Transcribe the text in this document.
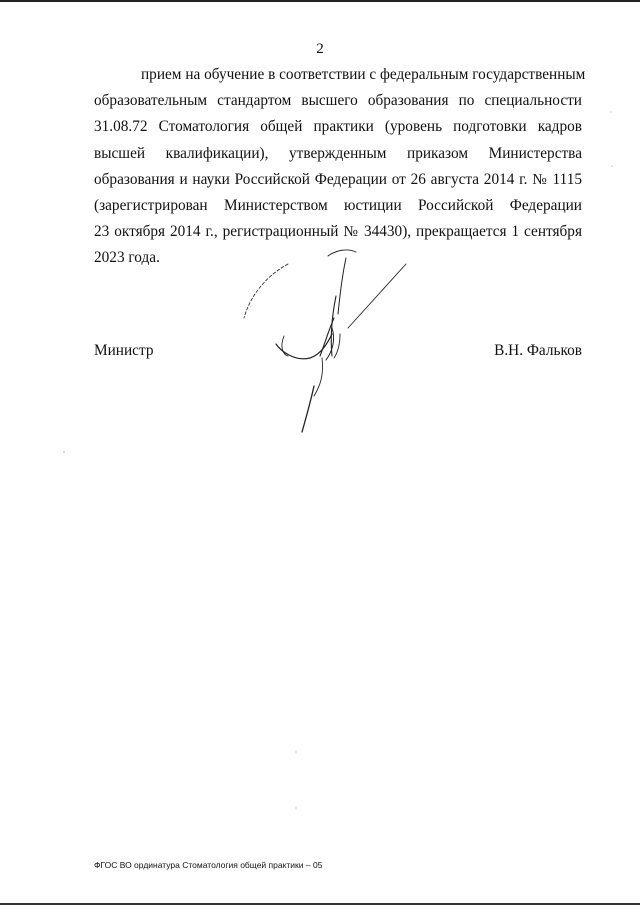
2
прием на обучение в соответствии с федеральным государственным
образовательным стандартом высшего образования по специальности
31.08.72 Стоматология общей практики (уровень подготовки кадров
высшей квалификации), утвержденным приказом Министерства
образования и науки Российской Федерации от 26 августа 2014 г. № 1115
(зарегистрирован Министерством юстиции Российской Федерации
23 октября 2014 г., регистрационный № 34430), прекращается 1 сентября
2023 года.
Министр	В.Н. Фальков
ФГОС ВО ординатура Стоматология общей практики – 05
